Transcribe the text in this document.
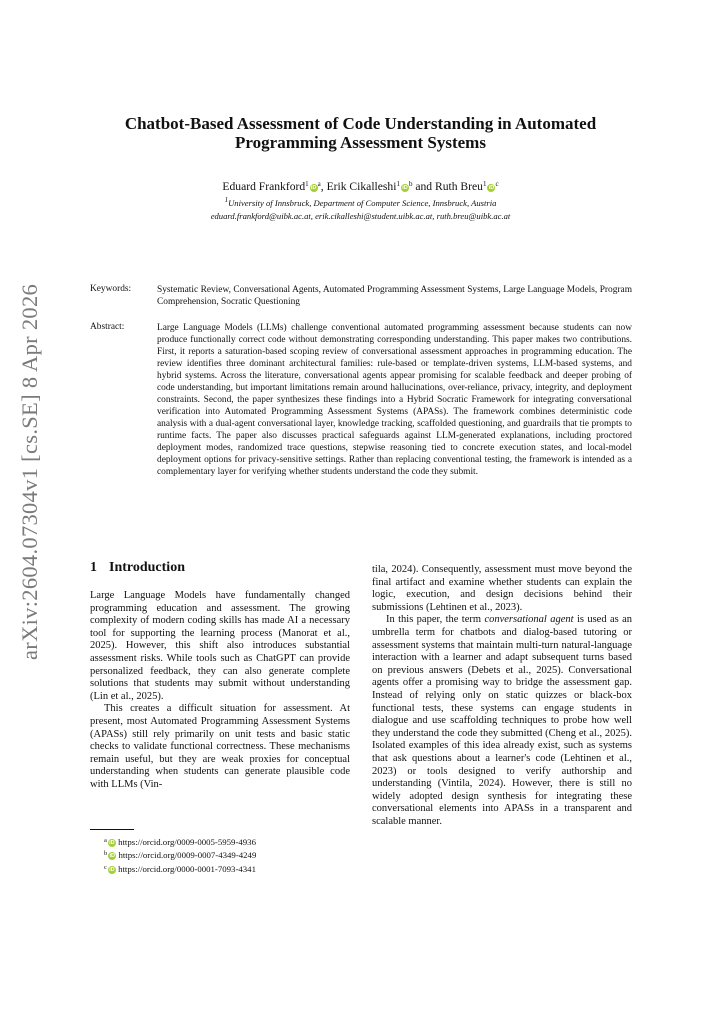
arXiv:2604.07304v1 [cs.SE] 8 Apr 2026
Chatbot-Based Assessment of Code Understanding in Automated
Programming Assessment Systems
Eduard Frankford$^1$ $iD^a$, Erik Cikalleshi$^1$ $iD^b$ and Ruth Breu$^1$ $iD^c$
$^1$University of Innsbruck, Department of Computer Science, Innsbruck, Austria
eduard.frankford@uibk.ac.at, erik.cikalleshi@student.uibk.ac.at, ruth.breu@uibk.ac.at
Keywords:	Systematic Review, Conversational Agents, Automated Programming Assessment Systems, Large Language Models, Program Comprehension, Socratic Questioning
Abstract:	Large Language Models (LLMs) challenge conventional automated programming assessment because students can now produce functionally correct code without demonstrating corresponding understanding. This paper makes two contributions. First, it reports a saturation-based scoping review of conversational assessment approaches in programming education. The review identifies three dominant architectural families: rule-based or template-driven systems, LLM-based systems, and hybrid systems. Across the literature, conversational agents appear promising for scalable feedback and deeper probing of code understanding, but important limitations remain around hallucinations, over-reliance, privacy, integrity, and deployment constraints. Second, the paper synthesizes these findings into a Hybrid Socratic Framework for integrating conversational verification into Automated Programming Assessment Systems (APASs). The framework combines deterministic code analysis with a dual-agent conversational layer, knowledge tracking, scaffolded questioning, and guardrails that tie prompts to runtime facts. The paper also discusses practical safeguards against LLM-generated explanations, including proctored deployment modes, randomized trace questions, stepwise reasoning tied to concrete execution states, and local-model deployment options for privacy-sensitive settings. Rather than replacing conventional testing, the framework is intended as a complementary layer for verifying whether students understand the code they submit.
1 Introduction

Large Language Models have fundamentally changed programming education and assessment. The growing complexity of modern coding skills has made AI a necessary tool for supporting the learning process (Manorat et al., 2025). However, this shift also introduces substantial assessment risks. While tools such as ChatGPT can provide personalized feedback, they can also generate complete solutions that students may submit without understanding (Lin et al., 2025).

This creates a difficult situation for assessment. At present, most Automated Programming Assessment Systems (APASs) still rely primarily on unit tests and basic static checks to validate functional correctness. These mechanisms remain useful, but they are weak proxies for conceptual understanding when students can generate plausible code with LLMs (Vin-

tila, 2024). Consequently, assessment must move beyond the final artifact and examine whether students can explain the logic, execution, and design decisions behind their submissions (Lehtinen et al., 2023).

In this paper, the term conversational agent is used as an umbrella term for chatbots and dialog-based tutoring or assessment systems that maintain multi-turn natural-language interaction with a learner and adapt subsequent turns based on previous answers (Debets et al., 2025). Conversational agents offer a promising way to bridge the assessment gap. Instead of relying only on static quizzes or black-box functional tests, these systems can engage students in dialogue and use scaffolding techniques to probe how well they understand the code they submitted (Cheng et al., 2025). Isolated examples of this idea already exist, such as systems that ask questions about a learner's code (Lehtinen et al., 2023) or tools designed to verify authorship and understanding (Vintila, 2024). However, there is still no widely adopted design synthesis for integrating these conversational elements into APASs in a transparent and scalable manner.

$^a$ iD https://orcid.org/0009-0005-5959-4936
$^b$ iD https://orcid.org/0009-0007-4349-4249
$^c$ iD https://orcid.org/0000-0001-7093-4341
